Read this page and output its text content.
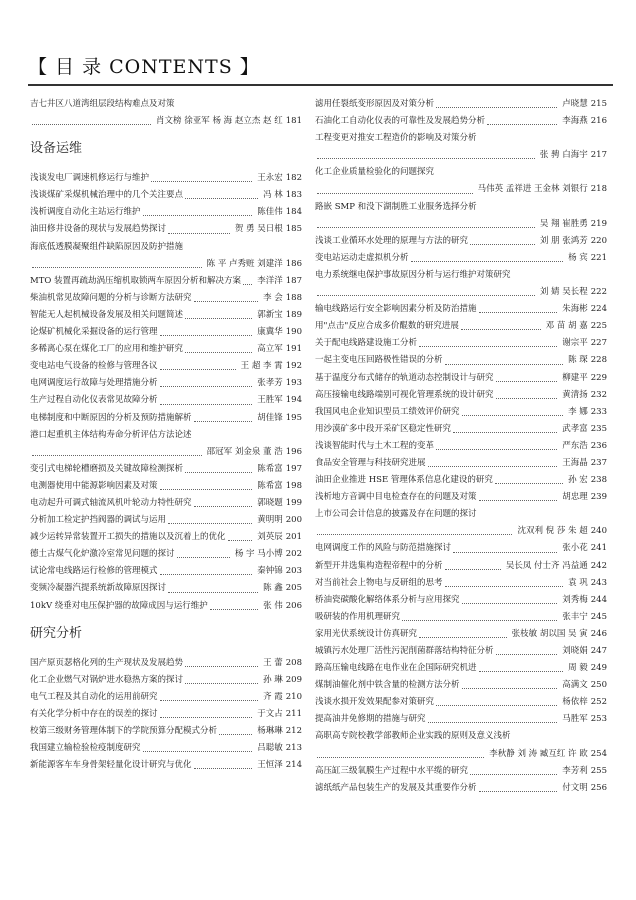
【 目 录 CONTENTS 】
吉七井区八道湾组层段结构难点及对策
肖文榜 徐亚军 杨 海 赵立杰 赵 红 181
设备运维
浅谈发电厂调速机修运行与维护	王永宏 182
浅谈煤矿采煤机械治理中的几个关注要点	冯 林 183
浅析调度自动化主站运行维护	陈佳伟 184
油田修井设备的现状与发展趋势探讨	贺 勇 吴日根 185
海底低透膜凝聚组件缺陷原因及防护措施
陈 平 卢秀赃 刘建洋 186
MTO 装置再疏劫涡压缩机取锁两车原因分析和解决方案	李洋洋 187
柴油机常见故障问题的分析与诊断方法研究	李 会 188
智能无人起机械设备发展及相关问题简述	郭新宝 189
论煤矿机械化采掘设备的运行管理	康冀华 190
多稀离心泵在煤化工厂的应用和维护研究	高立军 191
变电站电气设备的检修与管理各议	王 超 李 霄 192
电网调度运行故障与处理措施分析	张孝芳 193
生产过程自动化仪表常见故障分析	王胜军 194
电梯制度和中断原因的分析及预防措施解析	胡佳锋 195
港口起重机主体结构寿命分析评估方法论述
邵冠军 刘金泉 董 浩 196
变引式电梯轮槽磨损及关键故障检测探析	陈希富 197
电测器使用中能源影响因素及对策	陈希富 198
电动起升可调式轴流风机叶轮动力特性研究	郭晓题 199
分析加工检定护挡阀器的调试与运用	黄明明 200
减少运转异常装置开工损失的措施以及沉着上的优化	刘英辰 201
德土古煤气化炉激冷室常见问题的探讨	杨 宇 马小博 202
试论常电线路运行检修的管理模式	秦钟锦 203
变频冷凝器汽提系统新故障原因探讨	陈 鑫 205
10kV 绕垂对电压保护器的故障成因与运行维护	张 伟 206
研究分析
国产原页瑟格化列的生产现状及发展趋势	王 蕾 208
化工企业燃气对锅炉进水稳热方案的探讨	孙 琳 209
电气工程及其自动化的运用前研究	齐 霞 210
有关化学分析中存在的误差的探讨	于文占 211
校第三级财务管理体制下的学院预算分配模式分析	杨琳琳 212
我国建立输检验检疫制度研究	吕聪敏 213
新能源客车车身骨架轻量化设计研究与优化	王恒泽 214
滤用任裂纸变形原因及对策分析	卢晓慧 215
石油化工自动化仪表的可靠性及发展趋势分析	李海燕 216
工程变更对推安工程造价的影响及对策分析
张 骋 白海宇 217
化工企业质量检验化的问题探究
马伟英 孟祥进 王金林 刘银行 218
路嵌 SMP 和没下湖制胜工业服务选择分析
吴 翔 崔胜勇 219
浅谈工业循环水处理的原理与方法的研究	刘 朋 张鸿芳 220
变电站运动走虚拟机分析	杨 宾 221
电力系统继电保护事故原因分析与运行维护对策研究
刘 婧 吴长程 222
输电线路运行安全影响因素分析及防治措施	朱海彬 224
用"点击"反应合成多价醌数的研究进展	邓 苗 胡 嘉 225
关于配电线路建设施工分析	谢宗平 227
一起主变电压回路极性错误的分析	陈 琛 228
基于温度分布式储存的轨道动态控制设计与研究	柳建平 229
高压接输电线路端别可视化管理系统的设计研究	黄清扬 232
我国风电企业知识型员工绩效评价研究	李 娜 233
用沙漠矿多中段开采矿区稳定性研究	武孝富 235
浅谈智能时代与土木工程的变革	严东浩 236
食品安全管理与科技研究进展	王海晶 237
油田企业推进 HSE 管理体系信息化建设的研究	孙 宏 238
浅析地方音调中目电检查存在的问题及对策	胡忠理 239
上市公司会计信息的披露及存在问题的探讨
沈双利 倪 莎 朱 超 240
电网调度工作的风险与防范措施探讨	张小花 241
新型开井选集构造程帝程中的分析	吴长凤 付士齐 冯益通 242
对当前社会上物电与反研组的思考	袁 巩 243
桥油瓷碳酸化解络体系分析与应用探究	刘秀梅 244
吸研装的作用机理研究	张丰宁 245
家用光伏系统设计仿真研究	张枝敏 胡以国 吴 寅 246
城镇污水处理厂活性污泥削菌群落结构特征分析	刘晓娟 247
路高压输电线路在电作业在企国际研究机进	周 毅 249
煤制油催化剂中铁含量的检测方法分析	高满文 250
浅谈水损开发效果配参对策研究	杨依梓 252
提高油井免修期的措施与研究	马胜军 253
高职高专院校教学部教师企业实践的原则及意义浅析
李秋静 刘 涛 臧互红 许 欧 254
高压缸三级氧膜生产过程中水平缆的研究	李芳利 255
滤纸纸产品包装生产的发展及其重要作分析	付文明 256
